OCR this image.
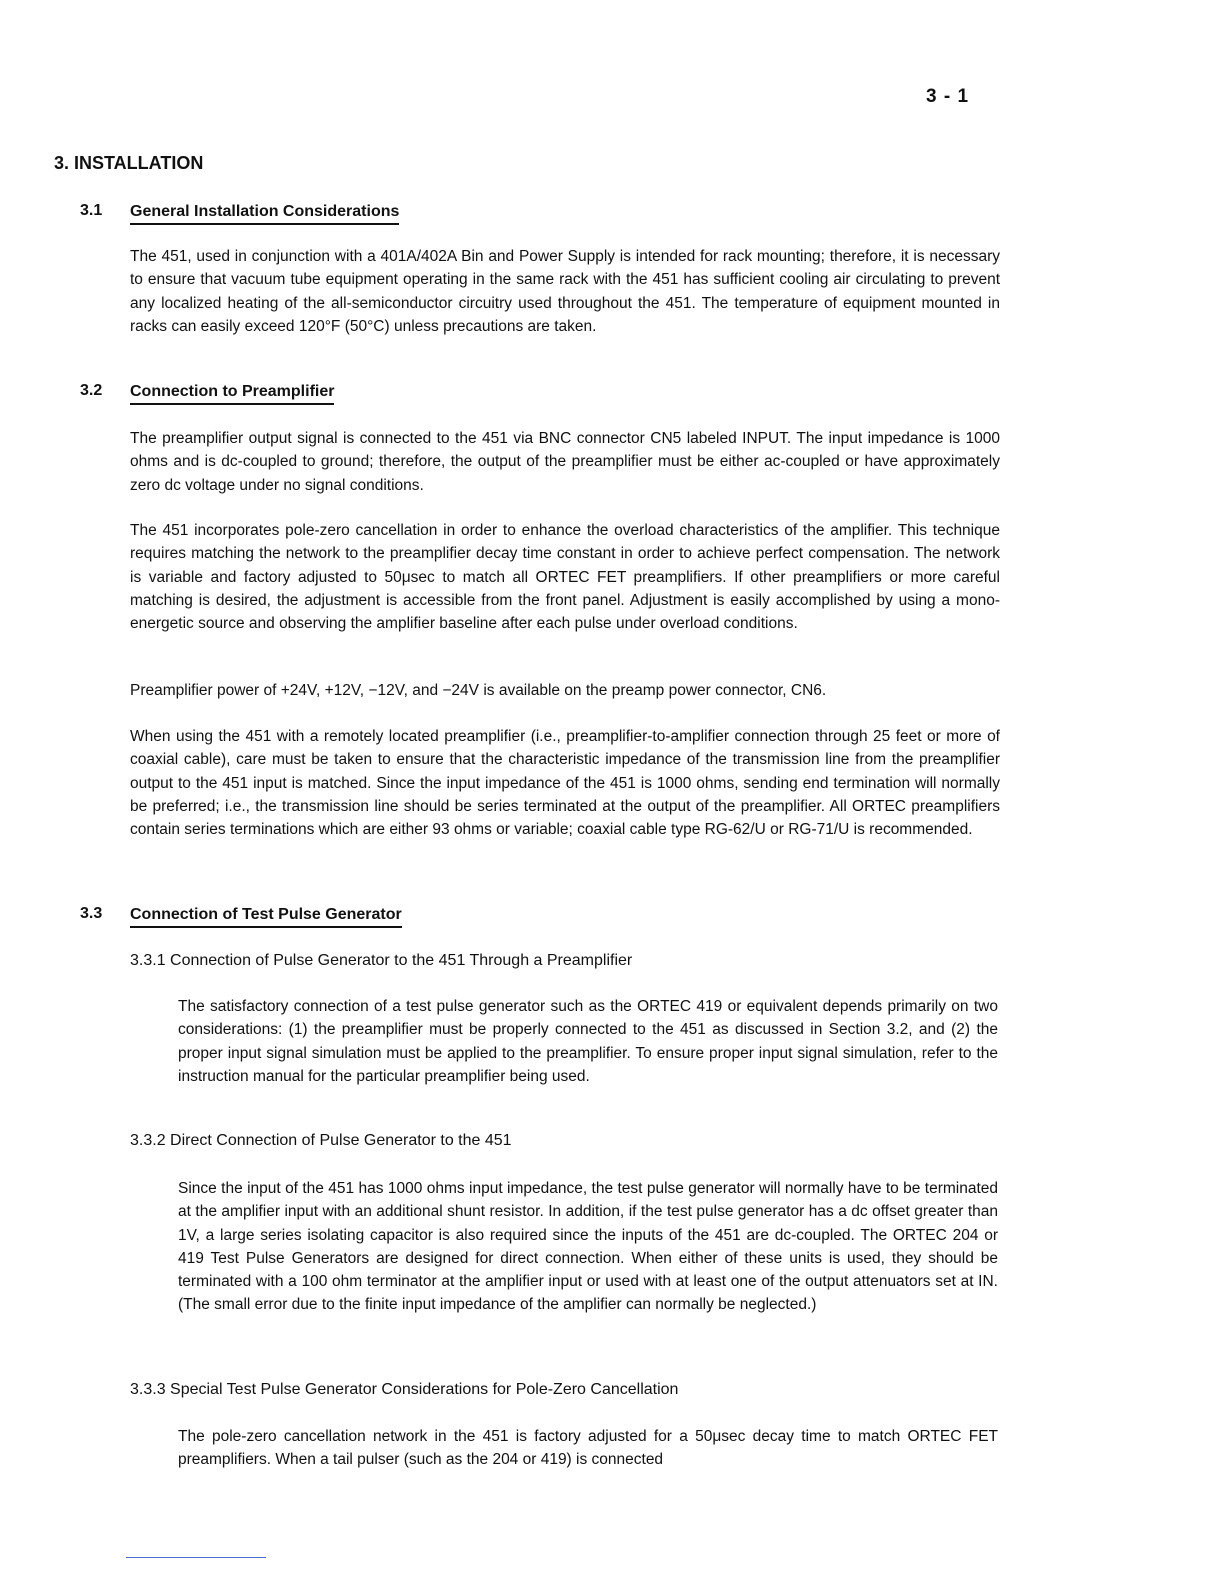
3 - 1
3. INSTALLATION
3.1 General Installation Considerations

The 451, used in conjunction with a 401A/402A Bin and Power Supply is intended for rack mounting; therefore, it is necessary to ensure that vacuum tube equipment operating in the same rack with the 451 has sufficient cooling air circulating to prevent any localized heating of the all-semiconductor circuitry used throughout the 451. The temperature of equipment mounted in racks can easily exceed 120°F (50°C) unless precautions are taken.

3.2 Connection to Preamplifier

The preamplifier output signal is connected to the 451 via BNC connector CN5 labeled INPUT. The input impedance is 1000 ohms and is dc-coupled to ground; therefore, the output of the preamplifier must be either ac-coupled or have approximately zero dc voltage under no signal conditions.

The 451 incorporates pole-zero cancellation in order to enhance the overload characteristics of the amplifier. This technique requires matching the network to the preamplifier decay time constant in order to achieve perfect compensation. The network is variable and factory adjusted to 50μsec to match all ORTEC FET preamplifiers. If other preamplifiers or more careful matching is desired, the adjustment is accessible from the front panel. Adjustment is easily accomplished by using a mono-energetic source and observing the amplifier baseline after each pulse under overload conditions.

Preamplifier power of +24V, +12V, −12V, and −24V is available on the preamp power connector, CN6.

When using the 451 with a remotely located preamplifier (i.e., preamplifier-to-amplifier connection through 25 feet or more of coaxial cable), care must be taken to ensure that the characteristic impedance of the transmission line from the preamplifier output to the 451 input is matched. Since the input impedance of the 451 is 1000 ohms, sending end termination will normally be preferred; i.e., the transmission line should be series terminated at the output of the preamplifier. All ORTEC preamplifiers contain series terminations which are either 93 ohms or variable; coaxial cable type RG-62/U or RG-71/U is recommended.

3.3 Connection of Test Pulse Generator

3.3.1 Connection of Pulse Generator to the 451 Through a Preamplifier

The satisfactory connection of a test pulse generator such as the ORTEC 419 or equivalent depends primarily on two considerations: (1) the preamplifier must be properly connected to the 451 as discussed in Section 3.2, and (2) the proper input signal simulation must be applied to the preamplifier. To ensure proper input signal simulation, refer to the instruction manual for the particular preamplifier being used.

3.3.2 Direct Connection of Pulse Generator to the 451

Since the input of the 451 has 1000 ohms input impedance, the test pulse generator will normally have to be terminated at the amplifier input with an additional shunt resistor. In addition, if the test pulse generator has a dc offset greater than 1V, a large series isolating capacitor is also required since the inputs of the 451 are dc-coupled. The ORTEC 204 or 419 Test Pulse Generators are designed for direct connection. When either of these units is used, they should be terminated with a 100 ohm terminator at the amplifier input or used with at least one of the output attenuators set at IN. (The small error due to the finite input impedance of the amplifier can normally be neglected.)

3.3.3 Special Test Pulse Generator Considerations for Pole-Zero Cancellation

The pole-zero cancellation network in the 451 is factory adjusted for a 50μsec decay time to match ORTEC FET preamplifiers. When a tail pulser (such as the 204 or 419) is connected
